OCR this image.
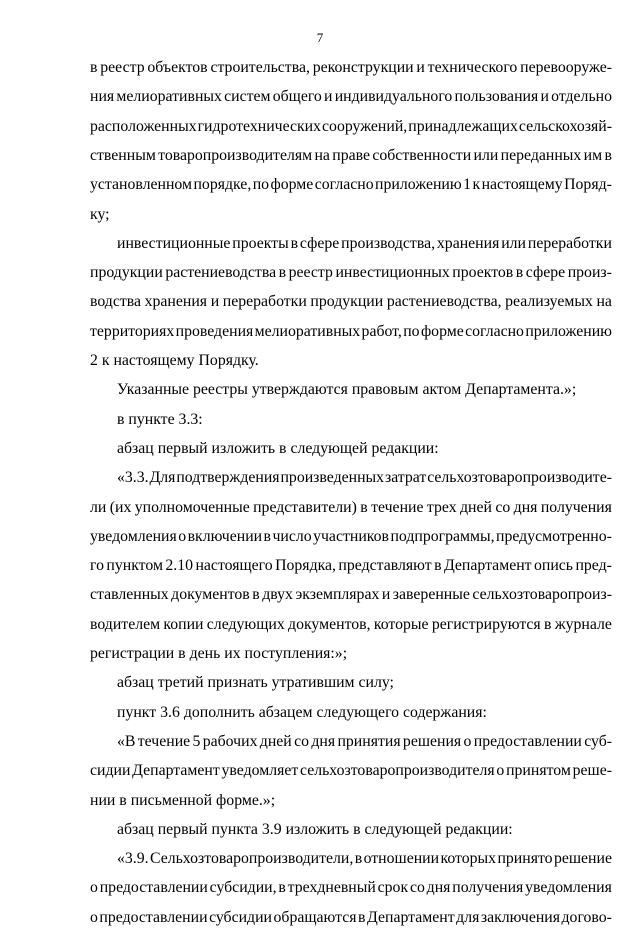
7
в реестр объектов строительства, реконструкции и технического перевооруже-
ния мелиоративных систем общего и индивидуального пользования и отдельно
расположенных гидротехнических сооружений, принадлежащих сельскохозяй-
ственным товаропроизводителям на праве собственности или переданных им в
установленном порядке, по форме согласно приложению 1 к настоящему Поряд-
ку;
инвестиционные проекты в сфере производства, хранения или переработки
продукции растениеводства в реестр инвестиционных проектов в сфере произ-
водства хранения и переработки продукции растениеводства, реализуемых на
территориях проведения мелиоративных работ, по форме согласно приложению
2 к настоящему Порядку.
Указанные реестры утверждаются правовым актом Департамента.»;
в пункте 3.3:
абзац первый изложить в следующей редакции:
«3.3. Для подтверждения произведенных затрат сельхозтоваропроизводите-
ли (их уполномоченные представители) в течение трех дней со дня получения
уведомления о включении в число участников подпрограммы, предусмотренно-
го пунктом 2.10 настоящего Порядка, представляют в Департамент опись пред-
ставленных документов в двух экземплярах и заверенные сельхозтоваропроиз-
водителем копии следующих документов, которые регистрируются в журнале
регистрации в день их поступления:»;
абзац третий признать утратившим силу;
пункт 3.6 дополнить абзацем следующего содержания:
«В течение 5 рабочих дней со дня принятия решения о предоставлении суб-
сидии Департамент уведомляет сельхозтоваропроизводителя о принятом реше-
нии в письменной форме.»;
абзац первый пункта 3.9 изложить в следующей редакции:
«3.9. Сельхозтоваропроизводители, в отношении которых принято решение
о предоставлении субсидии, в трехдневный срок со дня получения уведомления
о предоставлении субсидии обращаются в Департамент для заключения догово-
